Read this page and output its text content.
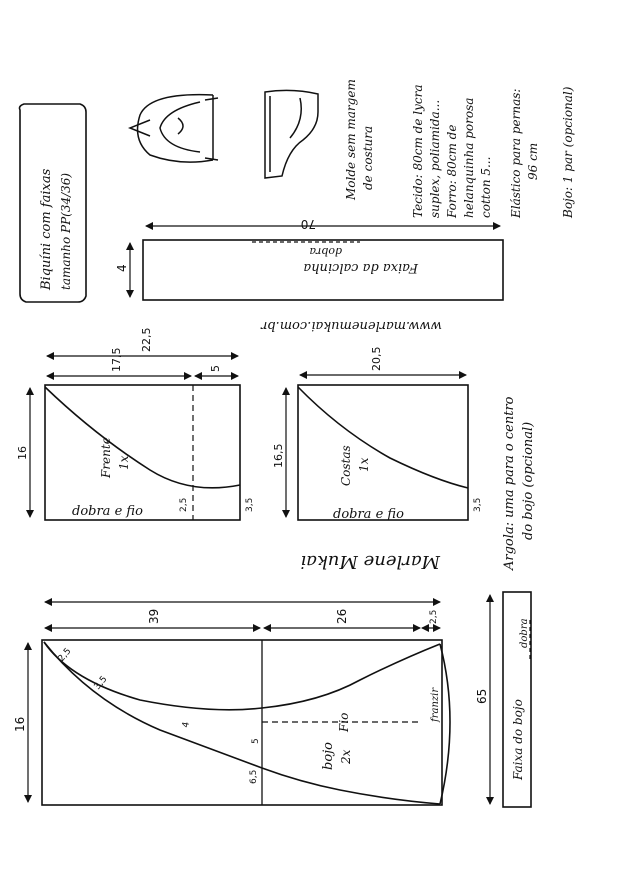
Biquíni com faixas tamanho PP(34/36)
Molde sem margem de costura	Tecido: 80cm de lycra suplex, poliamida... Forro: 80cm de helanquinha porosa cotton 5... Elástico para pernas: 96 cm Bojo: 1 par (opcional)
70
4
dobra
Faixa da calcinha
www.marlenemukai.com.br
22,5
17,5	5
16	Frente 1x
dobra e fio	2,5	3,5
20,5
16,5	Costas 1x
dobra e fio
3,5
Marlene Mukai	Argola: uma para o centro do bojo (opcional)
39	26	2,5
16
2,5
3,5
4
5
6,5
Fio
bojo 2x
franzir	65
Faixa do bojo
dobra
